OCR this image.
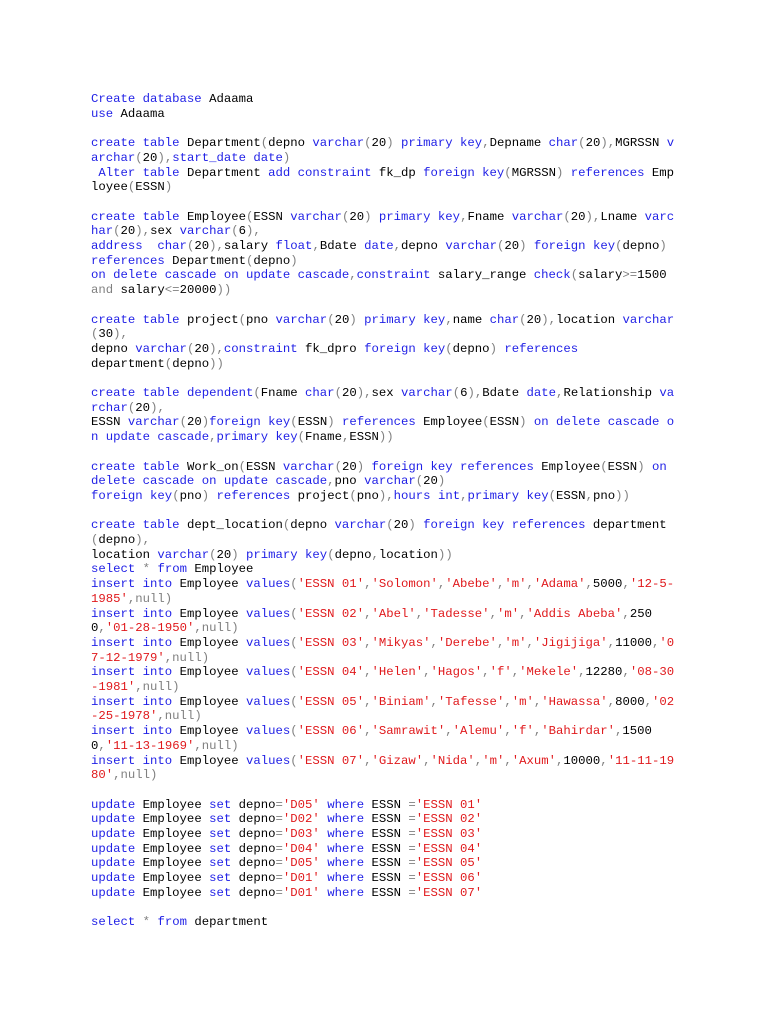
Create database Adaama
use Adaama
create table Department(depno varchar(20) primary key,Depname char(20),MGRSSN varchar(20),start_date date)
Alter table Department add constraint fk_dp foreign key(MGRSSN) references Employee(ESSN)
create table Employee(ESSN varchar(20) primary key,Fname varchar(20),Lname varchar(20),sex varchar(6),
address char(20),salary float,Bdate date,depno varchar(20) foreign key(depno) references Department(depno)
on delete cascade on update cascade,constraint salary_range check(salary>=1500 and salary<=20000))
create table project(pno varchar(20) primary key,name char(20),location varchar(30),
depno varchar(20),constraint fk_dpro foreign key(depno) references
department(depno))
create table dependent(Fname char(20),sex varchar(6),Bdate date,Relationship varchar(20),
ESSN varchar(20)foreign key(ESSN) references Employee(ESSN) on delete cascade on update cascade,primary key(Fname,ESSN))
create table Work_on(ESSN varchar(20) foreign key references Employee(ESSN) on delete cascade on update cascade,pno varchar(20)
foreign key(pno) references project(pno),hours int,primary key(ESSN,pno))
create table dept_location(depno varchar(20) foreign key references department(depno),
location varchar(20) primary key(depno,location))
select * from Employee
insert into Employee values('ESSN 01','Solomon','Abebe','m','Adama',5000,'12-5-1985',null)
insert into Employee values('ESSN 02','Abel','Tadesse','m','Addis Abeba',2500,'01-28-1950',null)
insert into Employee values('ESSN 03','Mikyas','Derebe','m','Jigijiga',11000,'07-12-1979',null)
insert into Employee values('ESSN 04','Helen','Hagos','f','Mekele',12280,'08-30-1981',null)
insert into Employee values('ESSN 05','Biniam','Tafesse','m','Hawassa',8000,'02-25-1978',null)
insert into Employee values('ESSN 06','Samrawit','Alemu','f','Bahirdar',15000,'11-13-1969',null)
insert into Employee values('ESSN 07','Gizaw','Nida','m','Axum',10000,'11-11-1980',null)
update Employee set depno='D05' where ESSN ='ESSN 01'
update Employee set depno='D02' where ESSN ='ESSN 02'
update Employee set depno='D03' where ESSN ='ESSN 03'
update Employee set depno='D04' where ESSN ='ESSN 04'
update Employee set depno='D05' where ESSN ='ESSN 05'
update Employee set depno='D01' where ESSN ='ESSN 06'
update Employee set depno='D01' where ESSN ='ESSN 07'
select * from department
